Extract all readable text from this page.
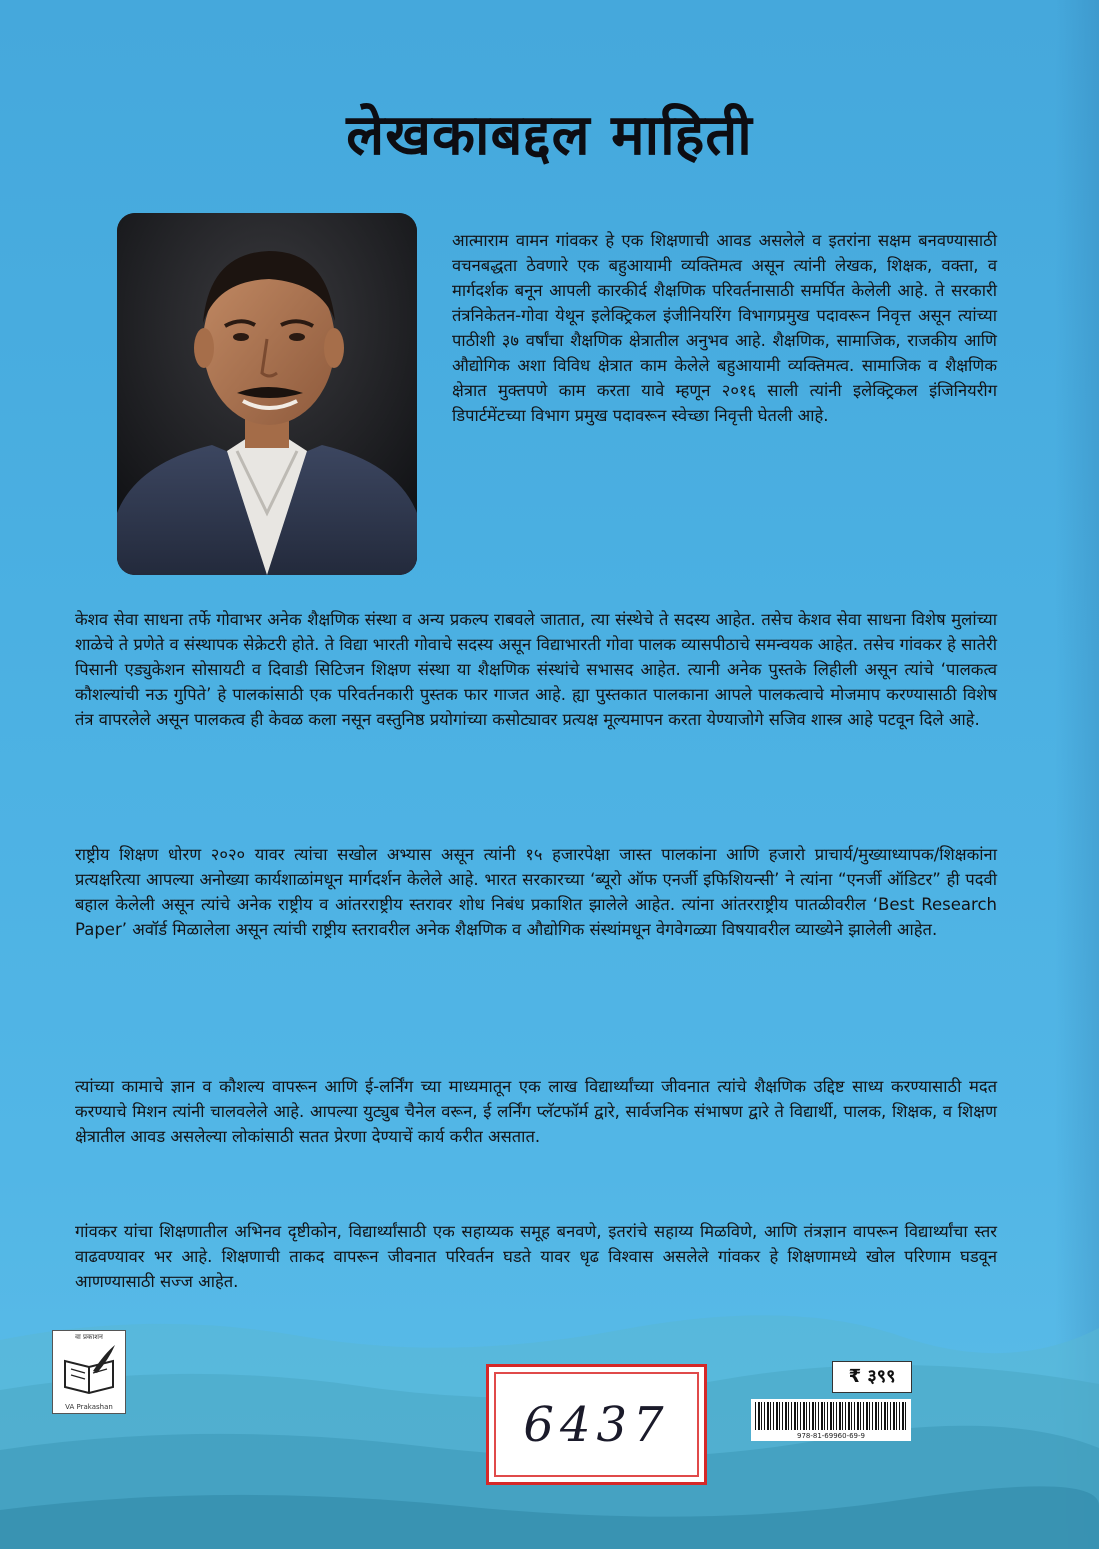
लेखकाबद्दल माहिती

आत्माराम वामन गांवकर हे एक शिक्षणाची आवड असलेले व इतरांना सक्षम बनवण्यासाठी वचनबद्धता ठेवणारे एक बहुआयामी व्यक्तिमत्व असून त्यांनी लेखक, शिक्षक, वक्ता, व मार्गदर्शक बनून आपली कारकीर्द शैक्षणिक परिवर्तनासाठी समर्पित केलेली आहे. ते सरकारी तंत्रनिकेतन-गोवा येथून इलेक्ट्रिकल इंजीनियरिंग विभागप्रमुख पदावरून निवृत्त असून त्यांच्या पाठीशी ३७ वर्षांचा शैक्षणिक क्षेत्रातील अनुभव आहे. शैक्षणिक, सामाजिक, राजकीय आणि औद्योगिक अशा विविध क्षेत्रात काम केलेले बहुआयामी व्यक्तिमत्व. सामाजिक व शैक्षणिक क्षेत्रात मुक्तपणे काम करता यावे म्हणून २०१६ साली त्यांनी इलेक्ट्रिकल इंजिनियरीग डिपार्टमेंटच्या विभाग प्रमुख पदावरून स्वेच्छा निवृत्ती घेतली आहे.

केशव सेवा साधना तर्फे गोवाभर अनेक शैक्षणिक संस्था व अन्य प्रकल्प राबवले जातात, त्या संस्थेचे ते सदस्य आहेत. तसेच केशव सेवा साधना विशेष मुलांच्या शाळेचे ते प्रणेते व संस्थापक सेक्रेटरी होते. ते विद्या भारती गोवाचे सदस्य असून विद्याभारती गोवा पालक व्यासपीठाचे समन्वयक आहेत. तसेच गांवकर हे सातेरी पिसानी एड्युकेशन सोसायटी व दिवाडी सिटिजन शिक्षण संस्था या शैक्षणिक संस्थांचे सभासद आहेत. त्यानी अनेक पुस्तके लिहीली असून त्यांचे ‘पालकत्व कौशल्यांची नऊ गुपिते’ हे पालकांसाठी एक परिवर्तनकारी पुस्तक फार गाजत आहे. ह्या पुस्तकात पालकाना आपले पालकत्वाचे मोजमाप करण्यासाठी विशेष तंत्र वापरलेले असून पालकत्व ही केवळ कला नसून वस्तुनिष्ठ प्रयोगांच्या कसोट्यावर प्रत्यक्ष मूल्यमापन करता येण्याजोगे सजिव शास्त्र आहे पटवून दिले आहे.

राष्ट्रीय शिक्षण धोरण २०२० यावर त्यांचा सखोल अभ्यास असून त्यांनी १५ हजारपेक्षा जास्त पालकांना आणि हजारो प्राचार्य/मुख्याध्यापक/शिक्षकांना प्रत्यक्षरित्या आपल्या अनोख्या कार्यशाळांमधून मार्गदर्शन केलेले आहे. भारत सरकारच्या ‘ब्यूरो ऑफ एनर्जी इफिशियन्सी’ ने त्यांना “एनर्जी ऑडिटर” ही पदवी बहाल केलेली असून त्यांचे अनेक राष्ट्रीय व आंतरराष्ट्रीय स्तरावर शोध निबंध प्रकाशित झालेले आहेत. त्यांना आंतरराष्ट्रीय पातळीवरील ‘Best Research Paper’ अवॉर्ड मिळालेला असून त्यांची राष्ट्रीय स्तरावरील अनेक शैक्षणिक व औद्योगिक संस्थांमधून वेगवेगळ्या विषयावरील व्याख्येने झालेली आहेत.

त्यांच्या कामाचे ज्ञान व कौशल्य वापरून आणि ई-लर्निंग च्या माध्यमातून एक लाख विद्यार्थ्यांच्या जीवनात त्यांचे शैक्षणिक उद्दिष्ट साध्य करण्यासाठी मदत करण्याचे मिशन त्यांनी चालवलेले आहे. आपल्या युट्युब चैनेल वरून, ई लर्निंग प्लॅटफॉर्म द्वारे, सार्वजनिक संभाषण द्वारे ते विद्यार्थी, पालक, शिक्षक, व शिक्षण क्षेत्रातील आवड असलेल्या लोकांसाठी सतत प्रेरणा देण्याचें कार्य करीत असतात.

गांवकर यांचा शिक्षणातील अभिनव दृष्टीकोन, विद्यार्थ्यांसाठी एक सहाय्यक समूह बनवणे, इतरांचे सहाय्य मिळविणे, आणि तंत्रज्ञान वापरून विद्यार्थ्यांचा स्तर वाढवण्यावर भर आहे. शिक्षणाची ताकद वापरून जीवनात परिवर्तन घडते यावर धृढ विश्वास असलेले गांवकर हे शिक्षणामध्ये खोल परिणाम घडवून आणण्यासाठी सज्ज आहेत.

वा प्रकाशन
VA Prakashan	6437
₹ ३९९
978-81-69960-69-9
